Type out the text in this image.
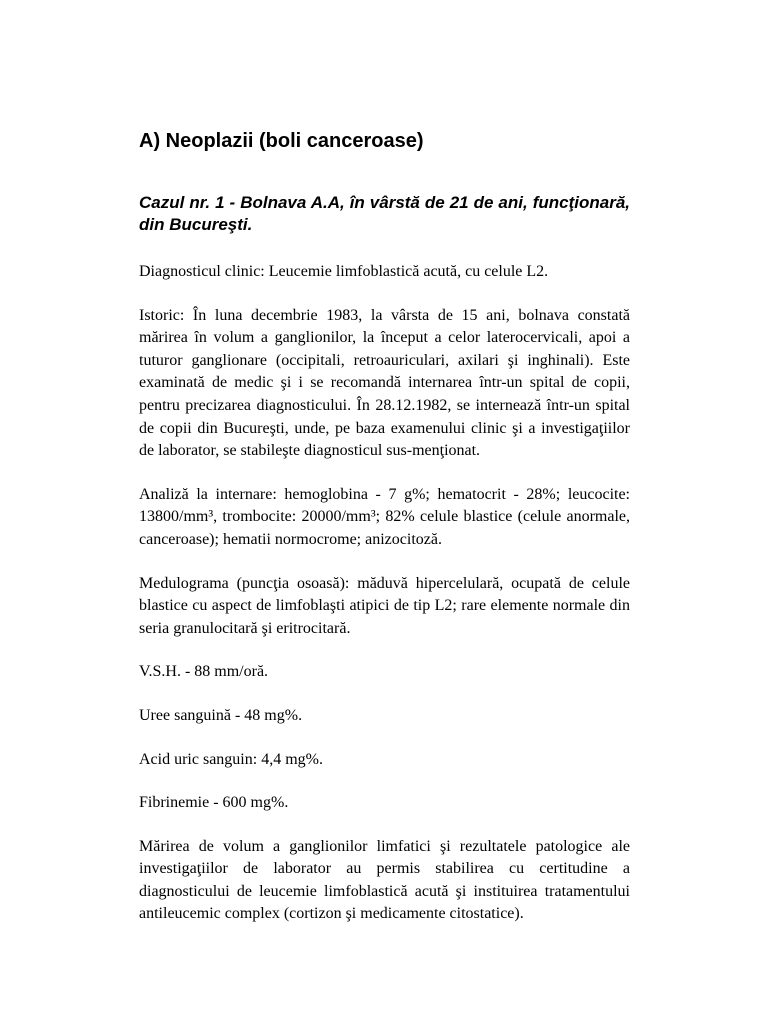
A) Neoplazii (boli canceroase)
Cazul nr. 1 - Bolnava A.A, în vârstă de 21 de ani, funcţionară, din Bucureşti.

Diagnosticul clinic: Leucemie limfoblastică acută, cu celule L2.

Istoric: În luna decembrie 1983, la vârsta de 15 ani, bolnava constată mărirea în volum a ganglionilor, la început a celor laterocervicali, apoi a tuturor ganglionare (occipitali, retroauriculari, axilari şi inghinali). Este examinată de medic şi i se recomandă internarea într-un spital de copii, pentru precizarea diagnosticului. În 28.12.1982, se internează într-un spital de copii din Bucureşti, unde, pe baza examenului clinic şi a investigaţiilor de laborator, se stabileşte diagnosticul sus-menţionat.

Analiză la internare: hemoglobina - 7 g%; hematocrit - 28%; leucocite: 13800/mm³, trombocite: 20000/mm³; 82% celule blastice (celule anormale, canceroase); hematii normocrome; anizocitoză.

Medulograma (puncţia osoasă): măduvă hipercelulară, ocupată de celule blastice cu aspect de limfoblaşti atipici de tip L2; rare elemente normale din seria granulocitară şi eritrocitară.

V.S.H. - 88 mm/oră.

Uree sanguină - 48 mg%.

Acid uric sanguin: 4,4 mg%.

Fibrinemie - 600 mg%.

Mărirea de volum a ganglionilor limfatici şi rezultatele patologice ale investigaţiilor de laborator au permis stabilirea cu certitudine a diagnosticului de leucemie limfoblastică acută şi instituirea tratamentului antileucemic complex (cortizon şi medicamente citostatice).
